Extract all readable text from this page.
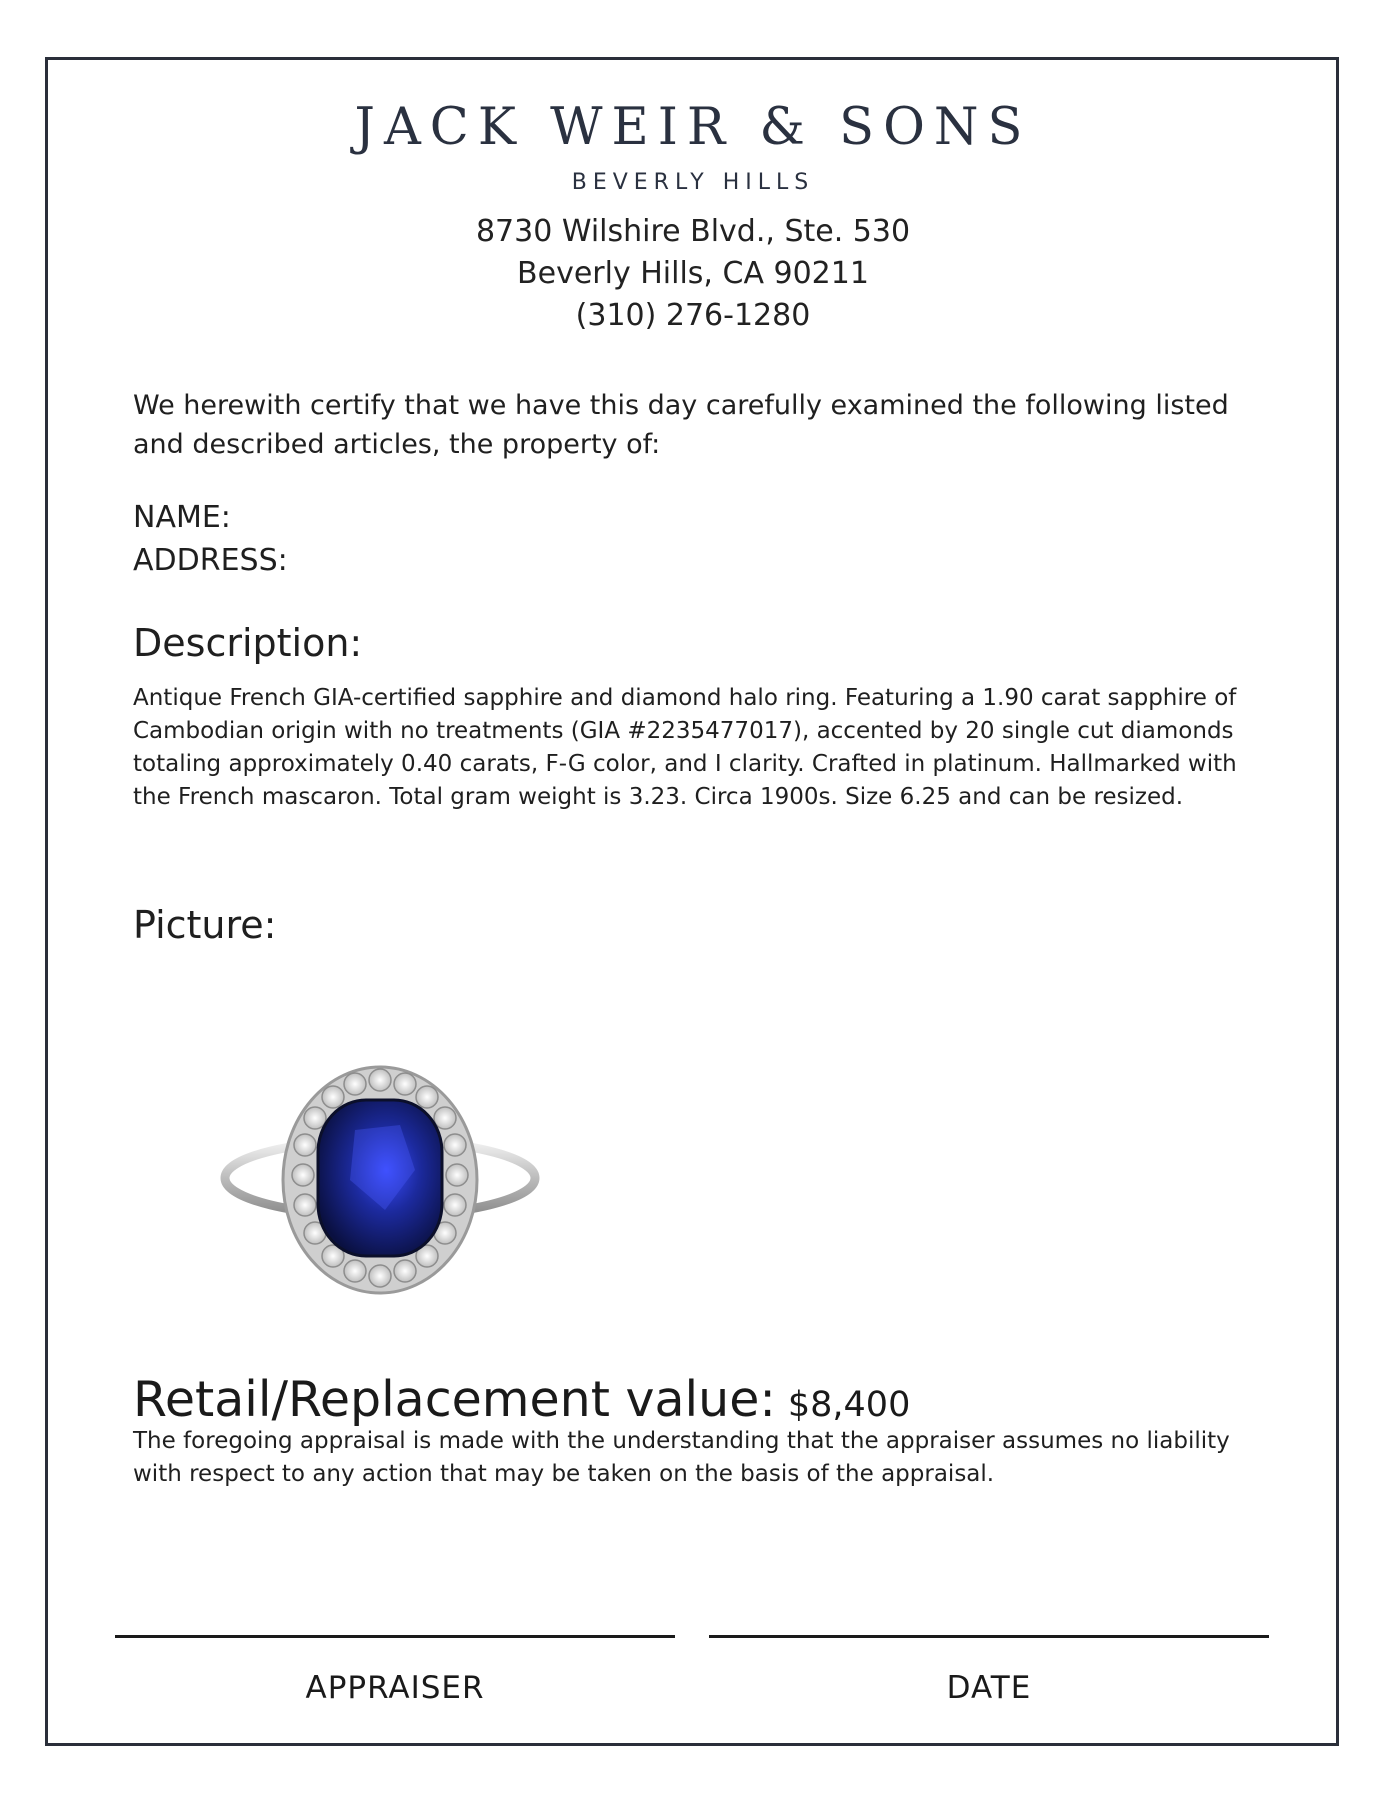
JACK WEIR & SONS
BEVERLY HILLS
8730 Wilshire Blvd., Ste. 530
Beverly Hills, CA 90211
(310) 276-1280
We herewith certify that we have this day carefully examined the following listed and described articles, the property of:
NAME:
ADDRESS:
Description:
Antique French GIA-certified sapphire and diamond halo ring. Featuring a 1.90 carat sapphire of Cambodian origin with no treatments (GIA #2235477017), accented by 20 single cut diamonds totaling approximately 0.40 carats, F-G color, and I clarity. Crafted in platinum. Hallmarked with the French mascaron. Total gram weight is 3.23. Circa 1900s. Size 6.25 and can be resized.
Picture:
Retail/Replacement value: $8,400
The foregoing appraisal is made with the understanding that the appraiser assumes no liability with respect to any action that may be taken on the basis of the appraisal.
APPRAISER	DATE
